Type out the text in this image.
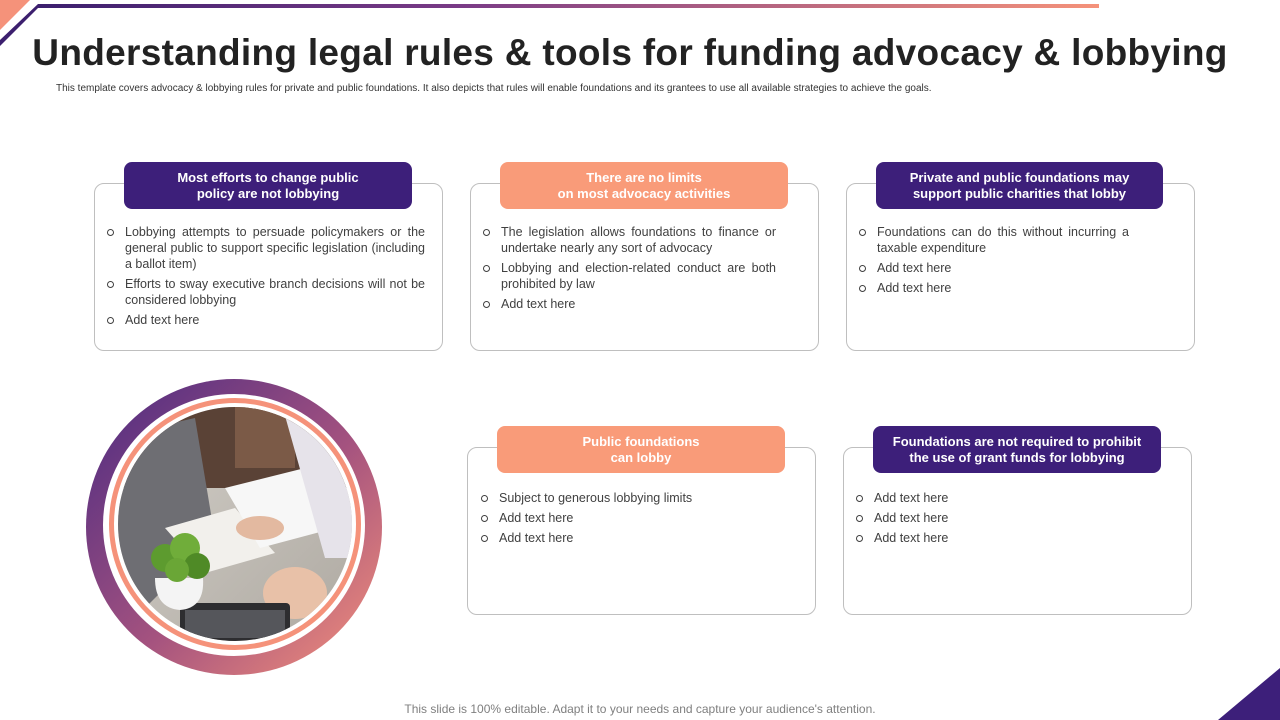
Understanding legal rules & tools for funding advocacy & lobbying

This template covers advocacy & lobbying rules for private and public foundations. It also depicts that rules will enable foundations and its grantees to use all available strategies to achieve the goals.

Most efforts to change public
policy are not lobbying
Lobbying attempts to persuade policymakers or the general public to support specific legislation (including a ballot item)
Efforts to sway executive branch decisions will not be considered lobbying
Add text here
There are no limits
on most advocacy activities
The legislation allows foundations to finance or undertake nearly any sort of advocacy
Lobbying and election-related conduct are both prohibited by law
Add text here
Private and public foundations may
support public charities that lobby
Foundations can do this without incurring a taxable expenditure
Add text here
Add text here
Public foundations
can lobby
Subject to generous lobbying limits
Add text here
Add text here
Foundations are not required to prohibit
the use of grant funds for lobbying
Add text here
Add text here
Add text here

This slide is 100% editable. Adapt it to your needs and capture your audience's attention.
